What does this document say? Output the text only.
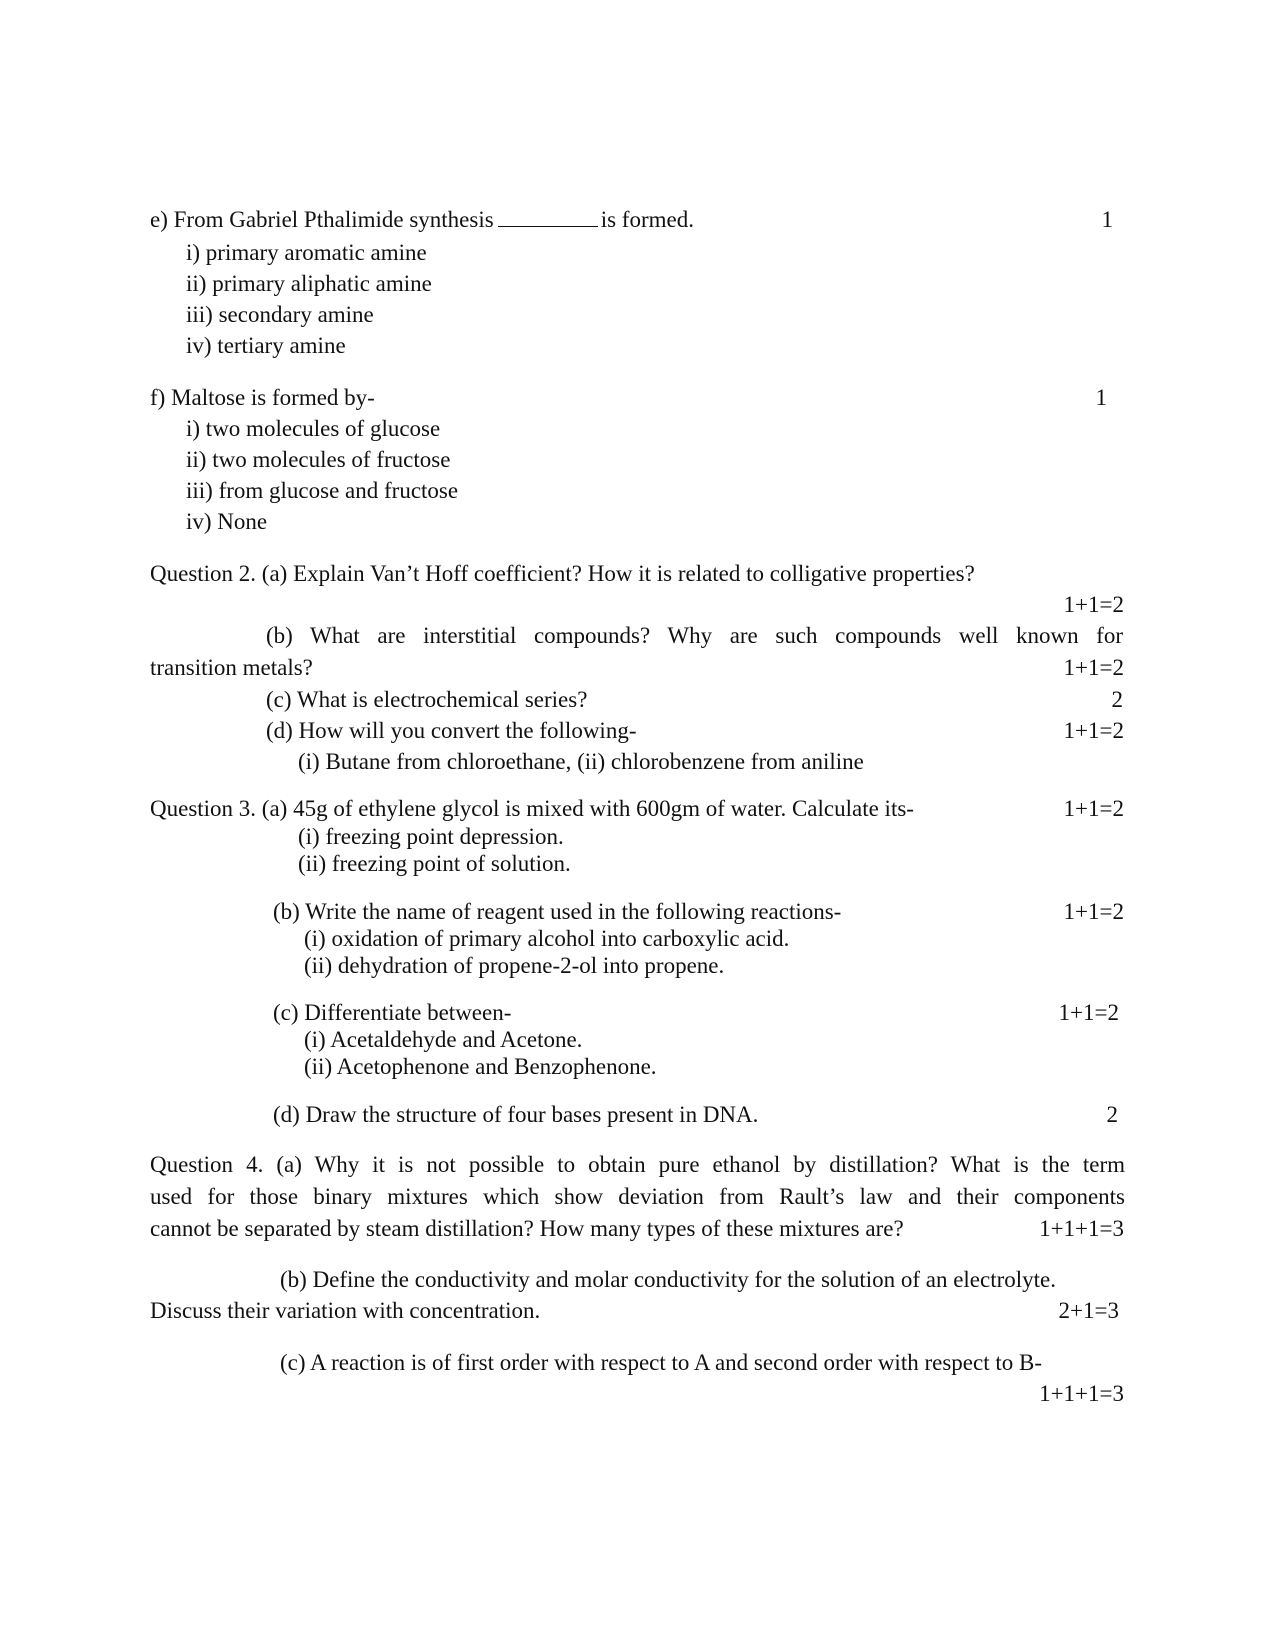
e) From Gabriel Pthalimide synthesis	is formed.	1
i) primary aromatic amine
ii) primary aliphatic amine
iii) secondary amine
iv) tertiary amine
f) Maltose is formed by-	1
i) two molecules of glucose
ii) two molecules of fructose
iii) from glucose and fructose
iv) None
Question 2. (a) Explain Van’t Hoff coefficient? How it is related to colligative properties?
1+1=2
(b) What are interstitial compounds? Why are such compounds well known for
transition metals?	1+1=2
(c) What is electrochemical series?	2
(d) How will you convert the following-	1+1=2
(i) Butane from chloroethane, (ii) chlorobenzene from aniline
Question 3. (a) 45g of ethylene glycol is mixed with 600gm of water. Calculate its-	1+1=2
(i) freezing point depression.
(ii) freezing point of solution.
(b) Write the name of reagent used in the following reactions-	1+1=2
(i) oxidation of primary alcohol into carboxylic acid.
(ii) dehydration of propene-2-ol into propene.
(c) Differentiate between-	1+1=2
(i) Acetaldehyde and Acetone.
(ii) Acetophenone and Benzophenone.
(d) Draw the structure of four bases present in DNA.	2
Question 4. (a) Why it is not possible to obtain pure ethanol by distillation? What is the term
used for those binary mixtures which show deviation from Rault’s law and their components
cannot be separated by steam distillation? How many types of these mixtures are?	1+1+1=3
(b) Define the conductivity and molar conductivity for the solution of an electrolyte.
Discuss their variation with concentration.	2+1=3
(c) A reaction is of first order with respect to A and second order with respect to B-
1+1+1=3
